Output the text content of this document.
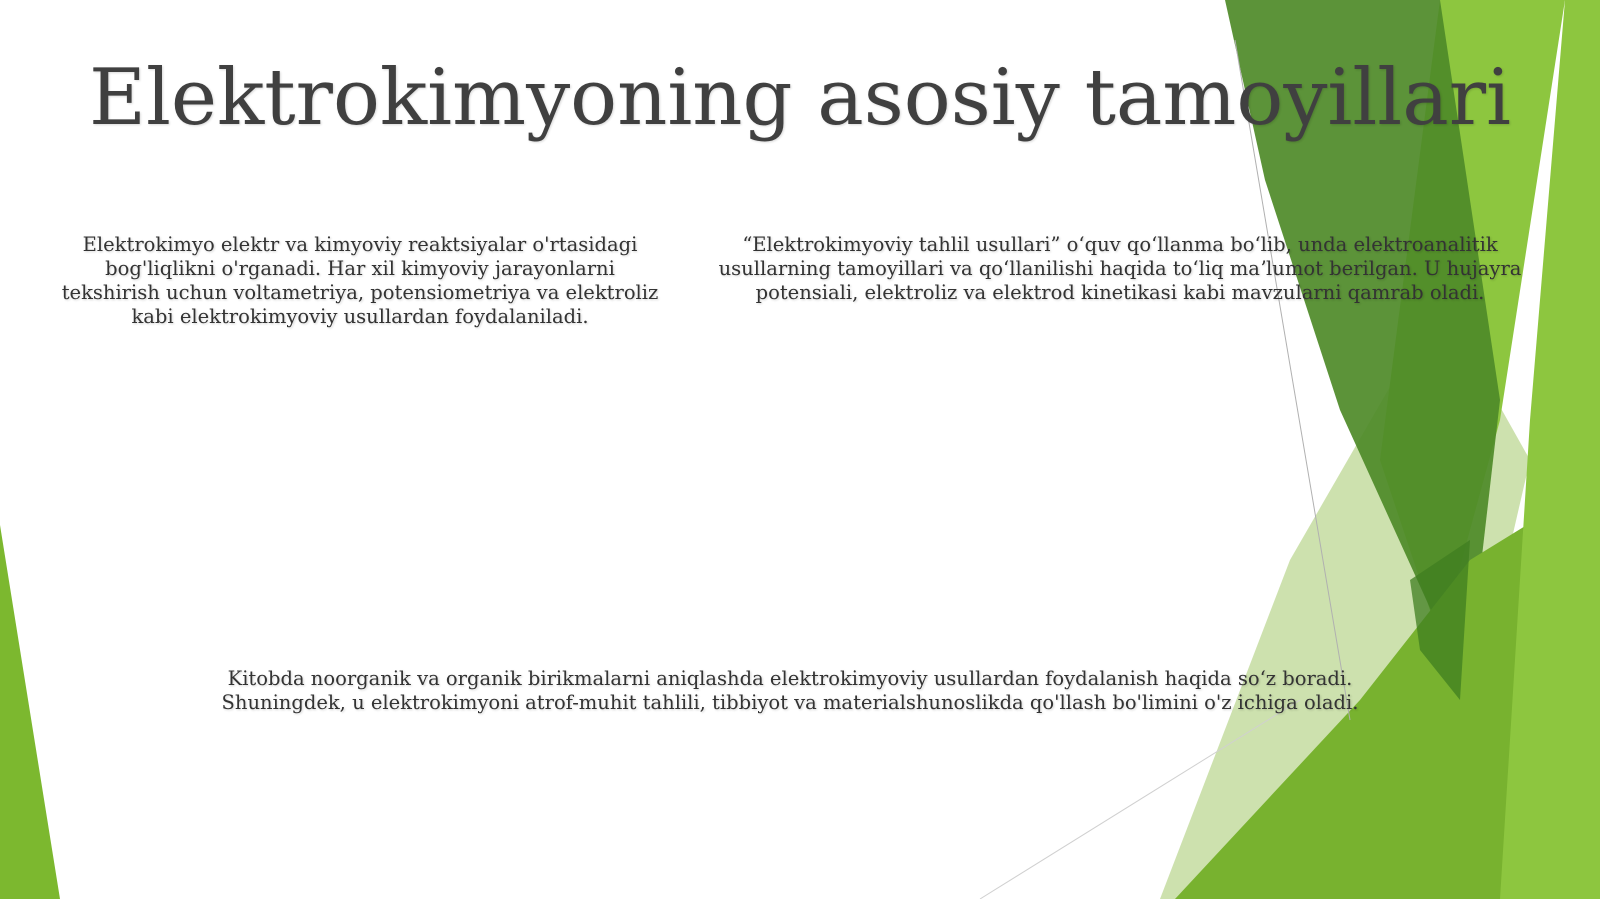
Elektrokimyoning asosiy tamoyillari
Elektrokimyo elektr va kimyoviy reaktsiyalar o'rtasidagi bog'liqlikni o'rganadi. Har xil kimyoviy jarayonlarni tekshirish uchun voltametriya, potensiometriya va elektroliz kabi elektrokimyoviy usullardan foydalaniladi.
“Elektrokimyoviy tahlil usullari” oʻquv qoʻllanma boʻlib, unda elektroanalitik usullarning tamoyillari va qoʻllanilishi haqida toʻliq maʼlumot berilgan. U hujayra potensiali, elektroliz va elektrod kinetikasi kabi mavzularni qamrab oladi.
Kitobda noorganik va organik birikmalarni aniqlashda elektrokimyoviy usullardan foydalanish haqida soʻz boradi. Shuningdek, u elektrokimyoni atrof-muhit tahlili, tibbiyot va materialshunoslikda qo'llash bo'limini o'z ichiga oladi.
